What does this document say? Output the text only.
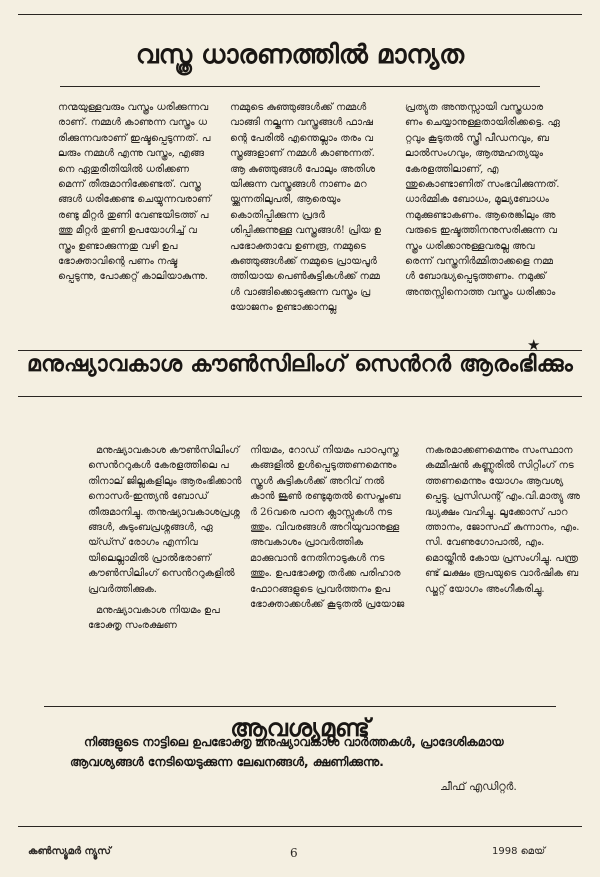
വസ്ത്ര ധാരണത്തിൽ മാന്യത
നന്മയുള്ളവരും വസ്ത്രം ധരിക്കുന്നവരാണ്. നമ്മൾ കാണുന്ന വസ്ത്രം ധരിക്കുന്നവരാണ് ഇഷ്ടപ്പെടുന്നത്. പലരും നമ്മൾ എന്നു വസ്ത്രം, എങ്ങനെ ഏതുരീതിയിൽ ധരിക്കണമെന്ന് തീരുമാനിക്കേണ്ടത്. വസ്ത്രങ്ങൾ ധരിക്കേണ്ട ചെയ്യുന്നവരാണ് രണ്ടു മീറ്റർ തുണി വേണ്ടയിടത്ത് പത്തു മീറ്റർ തുണി ഉപയോഗിച്ച് വസ്ത്രം ഉണ്ടാക്കുന്നതു വഴി ഉപഭോക്താവിന്റെ പണം നഷ്ടപ്പെടുന്നു, പോക്കറ്റ് കാലിയാകുന്നു.
നമ്മുടെ കുഞ്ഞുങ്ങൾക്ക് നമ്മൾ വാങ്ങി നല്കുന്ന വസ്ത്രങ്ങൾ ഫാഷന്റെ പേരിൽ എന്തെല്ലാം തരം വസ്ത്രങ്ങളാണ് നമ്മൾ കാണുന്നത്. ആ കുഞ്ഞുങ്ങൾ പോലും അതിശയിക്കുന്ന വസ്ത്രങ്ങൾ നാണം മറയ്ക്കുന്നതിലുപരി, ആരെയും കൊതിപ്പിക്കുന്ന പ്രദർശിപ്പിക്കുന്നുള്ള വസ്ത്രങ്ങൾ! പ്രിയ ഉപഭോക്താവേ ഉണരൂ, നമ്മുടെ കുഞ്ഞുങ്ങൾക്ക് നമ്മുടെ പ്രായപൂർത്തിയായ പെൺകുട്ടികൾക്ക് നമ്മൾ വാങ്ങിക്കൊടുക്കുന്ന വസ്ത്രം പ്രയോജനം ഉണ്ടാക്കാനല്ല
പ്രത്യുത അന്തസ്സായി വസ്ത്രധാരണം ചെയ്യാനുള്ളതായിരിക്കട്ടെ. ഏറ്റവും കൂടുതൽ സ്ത്രീ പീഡനവും, ബലാൽസംഗവും, ആത്മഹത്യയും കേരളത്തിലാണ്, എന്തുകൊണ്ടാണിത് സംഭവിക്കുന്നത്. ധാർമ്മിക ബോധം, മൂല്യബോധം നമുക്കുണ്ടാകണം. ആരെങ്കിലും അവരുടെ ഇഷ്ടത്തിനനുസരിക്കുന്ന വസ്ത്രം ധരിക്കാനുള്ളവരല്ല അവരെന്ന് വസ്ത്രനിർമ്മിതാക്കളെ നമ്മൾ ബോദ്ധ്യപ്പെടുത്തണം. നമുക്ക് അന്തസ്സിനൊത്ത വസ്ത്രം ധരിക്കാം
★
മനുഷ്യാവകാശ കൗൺസിലിംഗ് സെൻറർ ആരംഭിക്കും

മനുഷ്യാവകാശ കൗൺസിലിംഗ് സെൻററുകൾ കേരളത്തിലെ പതിനാല് ജില്ലകളിലും ആരംഭിക്കാൻ നൊസർ-ഇന്ത്യൻ ബോഡ്‌ തീരുമാനിച്ചു. തനുഷ്യാവകാശപ്രശ്നങ്ങൾ, കുടുംബപ്രശ്നങ്ങൾ, ഏയ്ഡ്സ് രോഗം എന്നിവയിലെല്ലാമിൽ പ്രാൽഭരാണ് കൗൺസിലിംഗ് സെൻററുകളിൽ പ്രവർത്തിക്കുക.

മനുഷ്യാവകാശ നിയമം ഉപഭോക്തൃ സംരക്ഷണ

നിയമം, റോഡ് നിയമം പാഠപുസ്തകങ്ങളിൽ ഉൾപ്പെടുത്തണമെന്നും സ്കൂൾ കുട്ടികൾക്ക് അറിവ് നൽകാൻ ജൂൺ രണ്ടുമുതൽ സെപ്തംബർ 26വരെ പഠന ക്ലാസ്സുകൾ നടത്തും. വിവരങ്ങൾ അറിയുവാനുള്ള അവകാശം പ്രാവർത്തികമാക്കുവാൻ നേതിനാടുകൾ നടത്തും. ഉപഭോക്തൃ തർക്ക പരിഹാര ഫോറങ്ങളുടെ പ്രവർത്തനം ഉപഭോക്താക്കൾക്ക് കൂടുതൽ പ്രയോജ
നകരമാക്കണമെന്നും സംസ്ഥാന കമ്മീഷൻ കണ്ണൂരിൽ സിറ്റിംഗ് നടത്തണമെന്നും യോഗം ആവശ്യപ്പെട്ടു. പ്രസിഡന്റ് എം.വി.മാത്യു അദ്ധ്യക്ഷം വഹിച്ചു. ലൂക്കോസ് പാറത്താനം, ജോസഫ് കുന്നാനം, എം. സി. വേണുഗോപാൽ, എം. മൊയ്തീൻ കോയ പ്രസംഗിച്ചു. പന്ത്രണ്ട് ലക്ഷം രൂപയുടെ വാർഷിക ബഡ്ജറ്റ് യോഗം അംഗീകരിച്ചു.
ആവശ്യമുണ്ട്
നിങ്ങളുടെ നാട്ടിലെ ഉപഭോക്തൃ മനുഷ്യാവകാശ വാർത്തകൾ, പ്രാദേശികമായ ആവശ്യങ്ങൾ നേടിയെടുക്കുന്ന ലേഖനങ്ങൾ, ക്ഷണിക്കുന്നു.
ചീഫ് എഡിറ്റർ.
കൺസ്യൂമർ ന്യൂസ്	6	1998 മെയ്
